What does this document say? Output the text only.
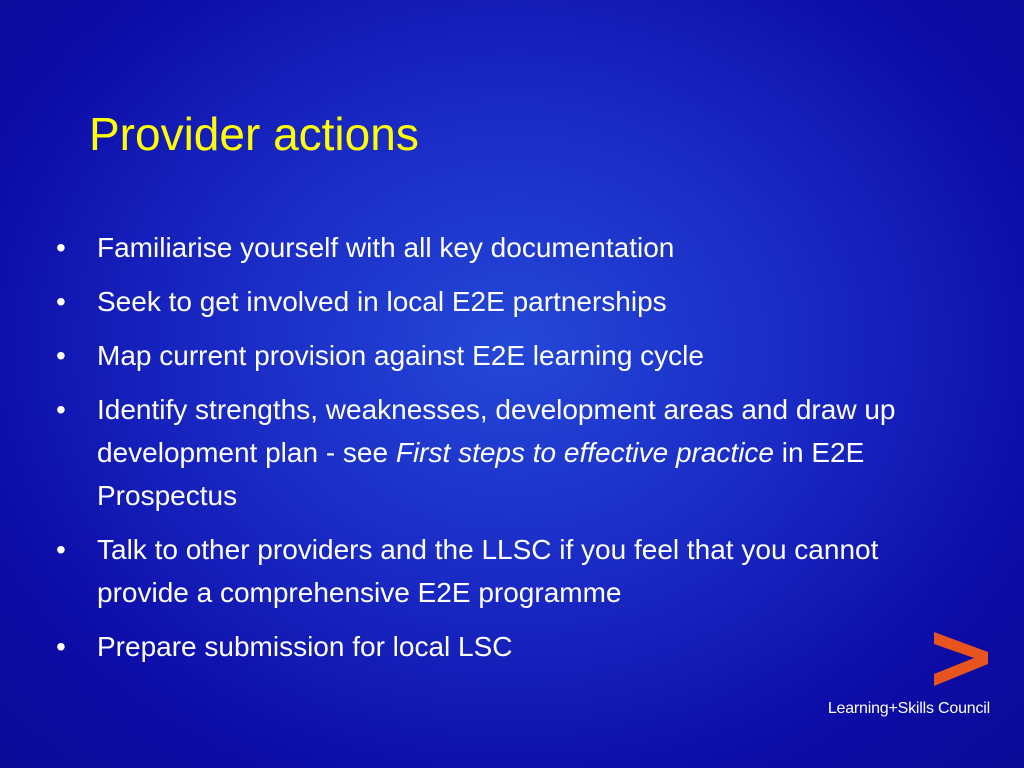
Provider actions
•	Familiarise yourself with all key documentation
•	Seek to get involved in local E2E partnerships
•	Map current provision against E2E learning cycle
•	Identify strengths, weaknesses, development areas and draw up development plan - see First steps to effective practice in E2E Prospectus
•	Talk to other providers and the LLSC if you feel that you cannot provide a comprehensive E2E programme
•	Prepare submission for local LSC
Learning+Skills Council
